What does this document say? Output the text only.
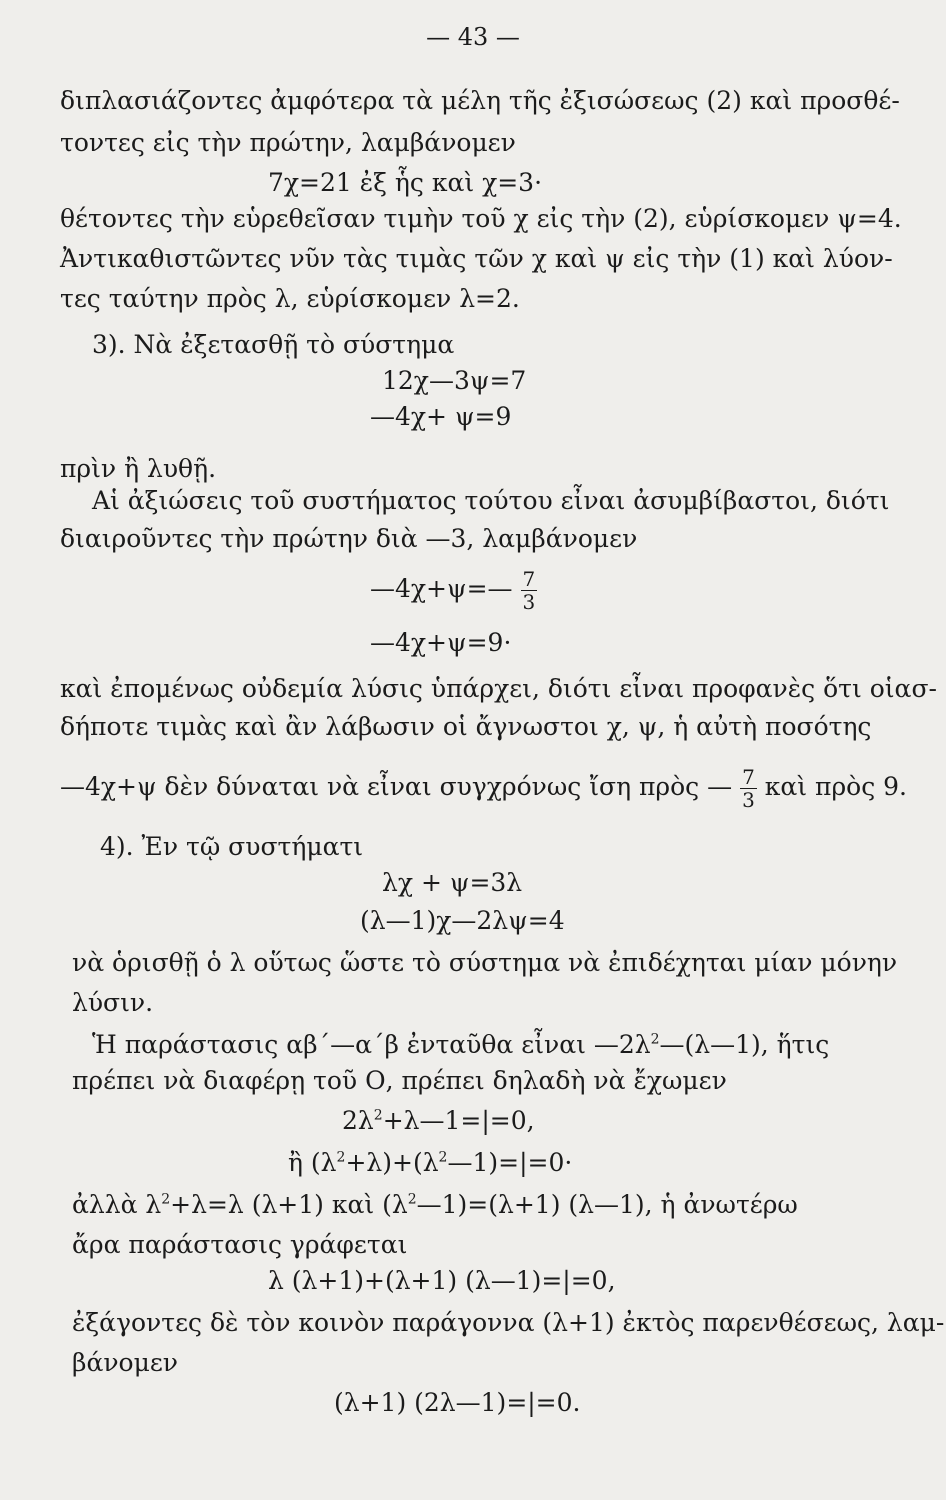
— 43 —
διπλασιάζοντες ἀμφότερα τὰ μέλη τῆς ἐξισώσεως (2) καὶ προσθέ-
τοντες εἰς τὴν πρώτην, λαμβάνομεν
7χ=21 ἐξ ἧς καὶ χ=3·
θέτοντες τὴν εὑρεθεῖσαν τιμὴν τοῦ χ εἰς τὴν (2), εὑρίσκομεν ψ=4.
Ἀντικαθιστῶντες νῦν τὰς τιμὰς τῶν χ καὶ ψ εἰς τὴν (1) καὶ λύον-
τες ταύτην πρὸς λ, εὑρίσκομεν λ=2.
3). Νὰ ἐξετασθῇ τὸ σύστημα
12χ—3ψ=7
—4χ+ ψ=9
πρὶν ἢ λυθῇ.
Αἱ ἀξιώσεις τοῦ συστήματος τούτου εἶναι ἀσυμβίβαστοι, διότι
διαιροῦντες τὴν πρώτην διὰ —3, λαμβάνομεν
—4χ+ψ=— $\frac{7}{3}$
—4χ+ψ=9·
καὶ ἐπομένως οὐδεμία λύσις ὑπάρχει, διότι εἶναι προφανὲς ὅτι οἱασ-
δήποτε τιμὰς καὶ ἂν λάβωσιν οἱ ἄγνωστοι χ, ψ, ἡ αὐτὴ ποσότης
—4χ+ψ δὲν δύναται νὰ εἶναι συγχρόνως ἴση πρὸς — $\frac{7}{3}$ καὶ πρὸς 9.
4). Ἐν τῷ συστήματι
λχ + ψ=3λ
(λ—1)χ—2λψ=4
νὰ ὁρισθῇ ὁ λ οὕτως ὥστε τὸ σύστημα νὰ ἐπιδέχηται μίαν μόνην
λύσιν.
Ἡ παράστασις αβ΄—α΄β ἐνταῦθα εἶναι $—2\lambda^2—(\lambda—1)$, ἥτις
πρέπει νὰ διαφέρῃ τοῦ Ο, πρέπει δηλαδὴ νὰ ἔχωμεν
$2\lambda^2+\lambda—1=|=0$,
ἢ $(\lambda^2+\lambda)+(\lambda^2—1)=|=0\cdot$
ἀλλὰ $\lambda^2+\lambda=\lambda$ (λ+1) καὶ $(\lambda^2—1)=(\lambda+1)$ (λ—1), ἡ ἀνωτέρω
ἄρα παράστασις γράφεται
λ (λ+1)+(λ+1) (λ—1)=|=0,
ἐξάγοντες δὲ τὸν κοινὸν παράγοννα (λ+1) ἐκτὸς παρενθέσεως, λαμ-
βάνομεν
(λ+1) (2λ—1)=|=0.
